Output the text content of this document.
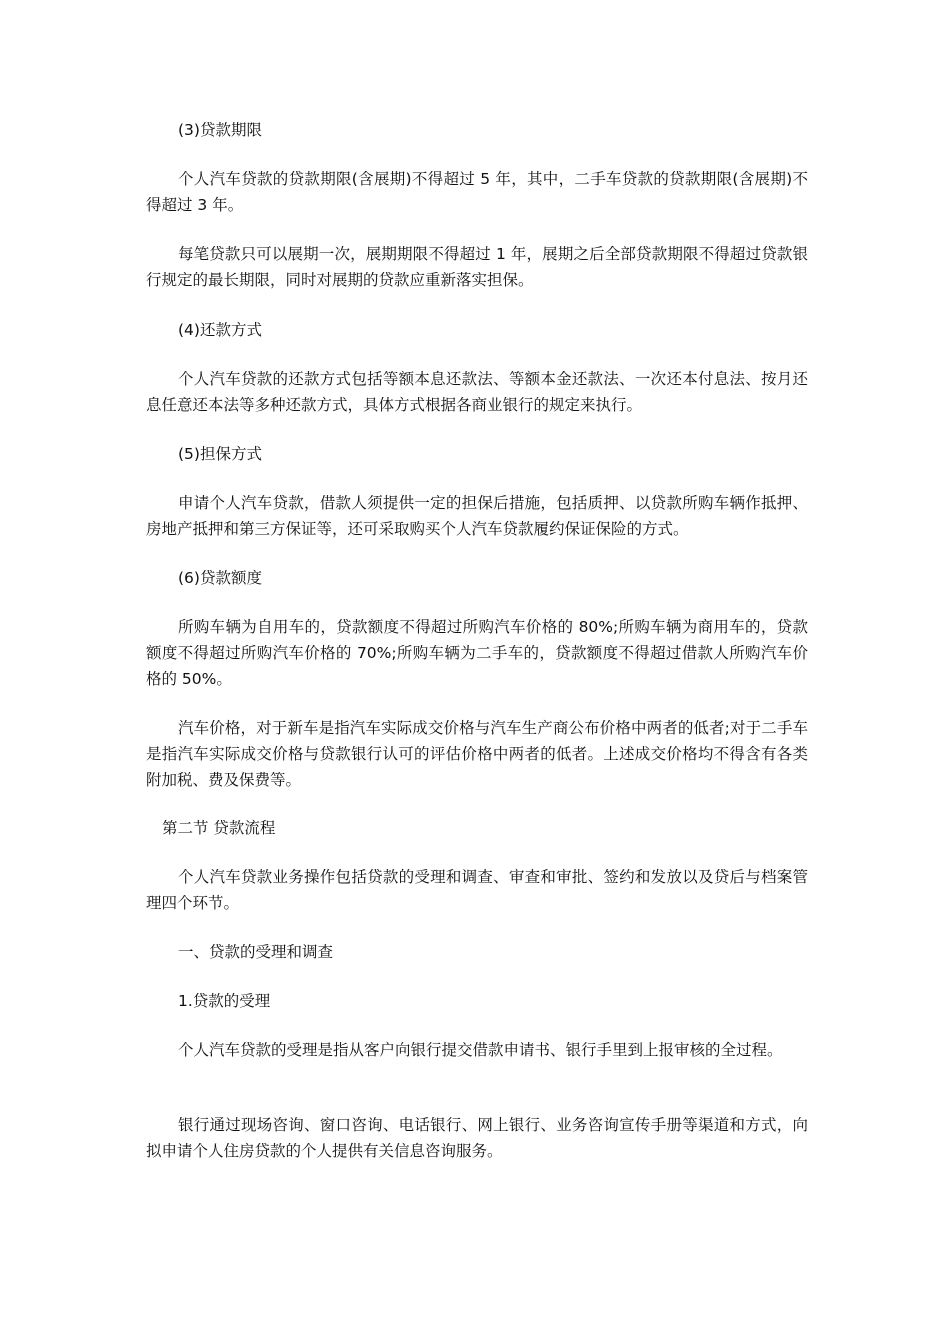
(3)贷款期限
个人汽车贷款的贷款期限(含展期)不得超过 5 年，其中，二手车贷款的贷款期限(含展期)不得超过 3 年。
每笔贷款只可以展期一次，展期期限不得超过 1 年，展期之后全部贷款期限不得超过贷款银行规定的最长期限，同时对展期的贷款应重新落实担保。
(4)还款方式
个人汽车贷款的还款方式包括等额本息还款法、等额本金还款法、一次还本付息法、按月还息任意还本法等多种还款方式，具体方式根据各商业银行的规定来执行。
(5)担保方式
申请个人汽车贷款，借款人须提供一定的担保后措施，包括质押、以贷款所购车辆作抵押、房地产抵押和第三方保证等，还可采取购买个人汽车贷款履约保证保险的方式。
(6)贷款额度
所购车辆为自用车的，贷款额度不得超过所购汽车价格的 80%;所购车辆为商用车的，贷款额度不得超过所购汽车价格的 70%;所购车辆为二手车的，贷款额度不得超过借款人所购汽车价格的 50%。
汽车价格，对于新车是指汽车实际成交价格与汽车生产商公布价格中两者的低者;对于二手车是指汽车实际成交价格与贷款银行认可的评估价格中两者的低者。上述成交价格均不得含有各类附加税、费及保费等。
第二节 贷款流程
个人汽车贷款业务操作包括贷款的受理和调查、审查和审批、签约和发放以及贷后与档案管理四个环节。
一、贷款的受理和调查
1.贷款的受理
个人汽车贷款的受理是指从客户向银行提交借款申请书、银行手里到上报审核的全过程。
银行通过现场咨询、窗口咨询、电话银行、网上银行、业务咨询宣传手册等渠道和方式，向拟申请个人住房贷款的个人提供有关信息咨询服务。
